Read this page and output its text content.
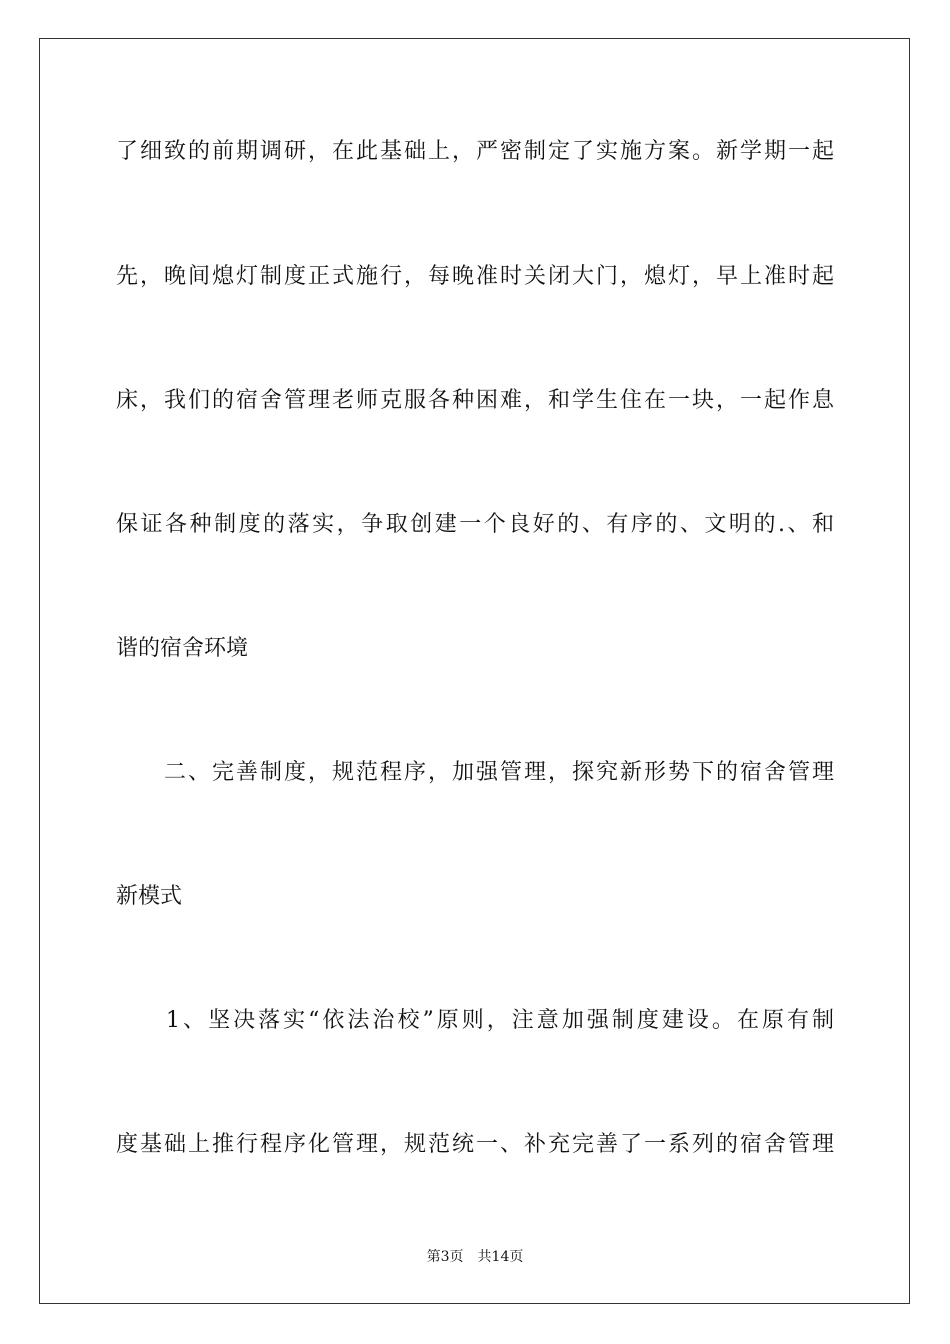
了细致的前期调研，在此基础上，严密制定了实施方案。新学期一起
先，晚间熄灯制度正式施行，每晚准时关闭大门，熄灯，早上准时起
床，我们的宿舍管理老师克服各种困难，和学生住在一块，一起作息
保证各种制度的落实，争取创建一个良好的、有序的、文明的.、和
谐的宿舍环境
　　二、完善制度，规范程序，加强管理，探究新形势下的宿舍管理
新模式
　　1、坚决落实“依法治校”原则，注意加强制度建设。在原有制
度基础上推行程序化管理，规范统一、补充完善了一系列的宿舍管理
第3页　共14页
